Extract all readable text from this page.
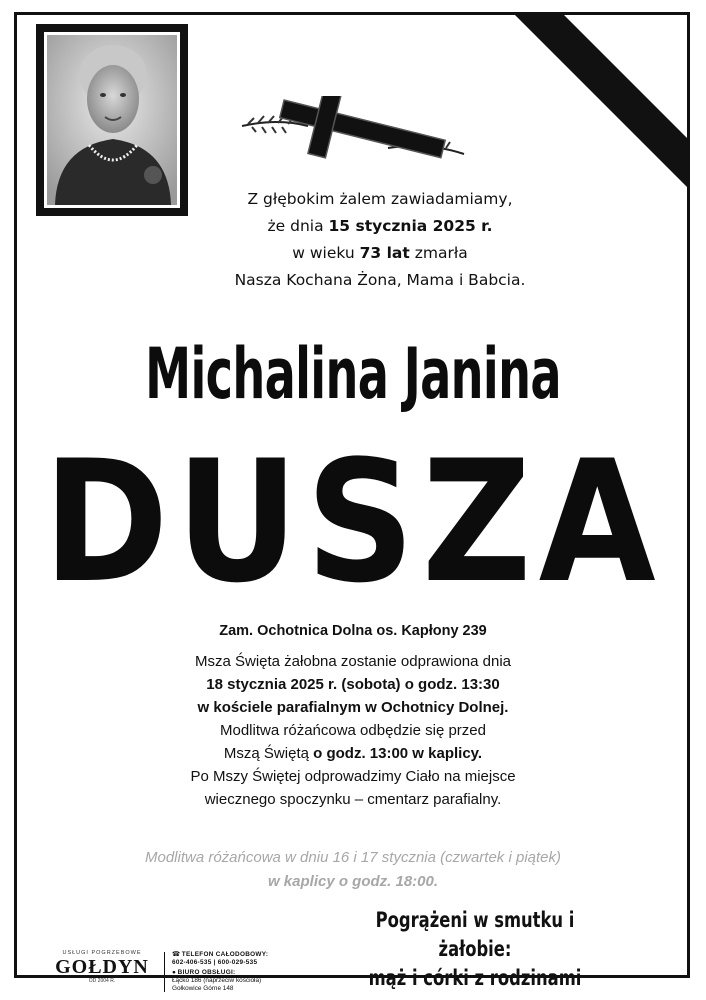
Z głębokim żalem zawiadamiamy,
że dnia 15 stycznia 2025 r.
w wieku 73 lat zmarła
Nasza Kochana Żona, Mama i Babcia.
Michalina Janina
DUSZA
Zam. Ochotnica Dolna os. Kapłony 239
Msza Święta żałobna zostanie odprawiona dnia
18 stycznia 2025 r. (sobota) o godz. 13:30
w kościele parafialnym w Ochotnicy Dolnej.
Modlitwa różańcowa odbędzie się przed
Mszą Świętą o godz. 13:00 w kaplicy.
Po Mszy Świętej odprowadzimy Ciało na miejsce
wiecznego spoczynku – cmentarz parafialny.
Modlitwa różańcowa w dniu 16 i 17 stycznia (czwartek i piątek)
w kaplicy o godz. 18:00.
Pogrążeni w smutku i żałobie:
mąż i córki z rodzinami
USŁUGI POGRZEBOWE
GOŁDYN
OD 2004 R.
☎ TELEFON CAŁODOBOWY:
602-406-535 | 600-029-535
● BIURO OBSŁUGI:
Łącko 186 (naprzeciw kościoła)
Gołkowice Górne 148
